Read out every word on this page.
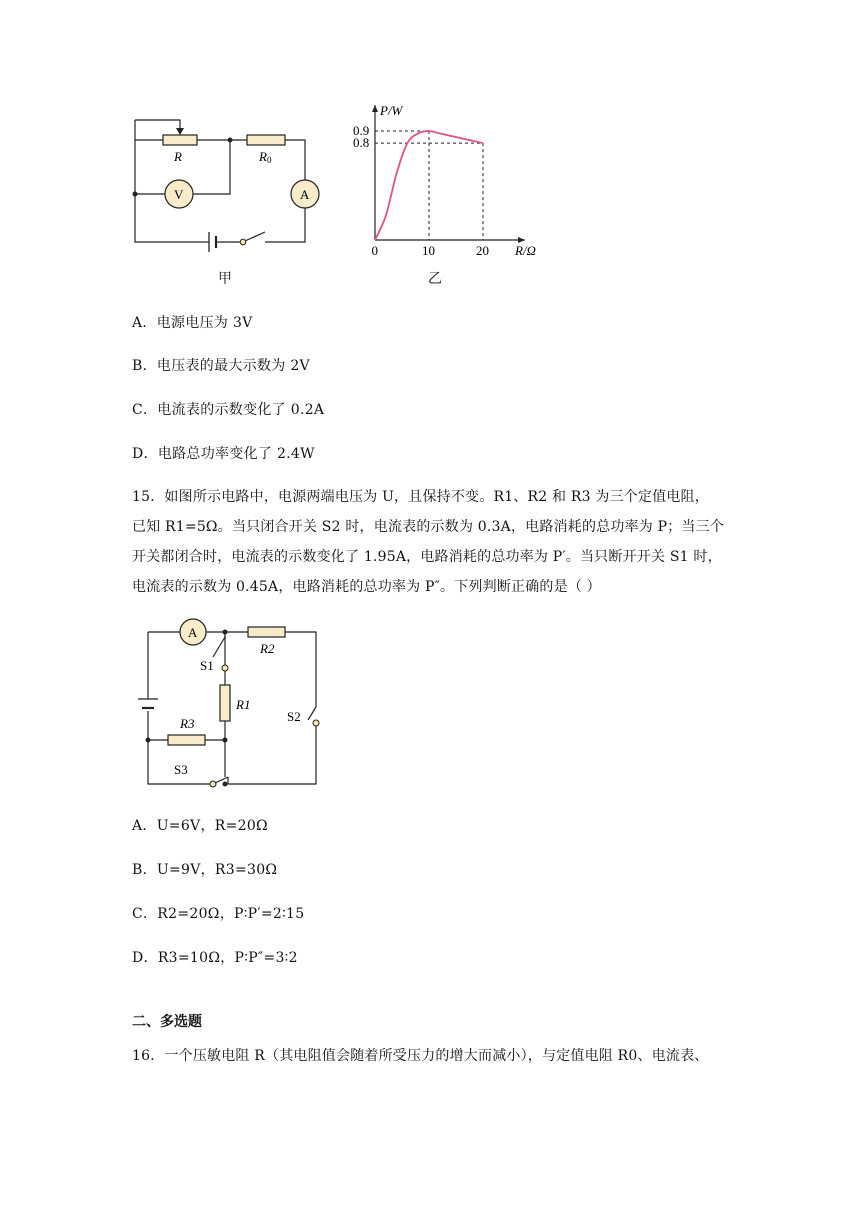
R	R0
V	A
甲
P/W
R/Ω
0	10	20
0.9
0.8
乙
A．电源电压为 3V
B．电压表的最大示数为 2V
C．电流表的示数变化了 0.2A
D．电路总功率变化了 2.4W
15．如图所示电路中，电源两端电压为 U，且保持不变。R1、R2 和 R3 为三个定值电阻，
已知 R1=5Ω。当只闭合开关 S2 时，电流表的示数为 0.3A，电路消耗的总功率为 P；当三个
开关都闭合时，电流表的示数变化了 1.95A，电路消耗的总功率为 P′。当只断开开关 S1 时，
电流表的示数为 0.45A，电路消耗的总功率为 P″。下列判断正确的是（ ）
A
R2
R1
R3
S1
S2
S3
A．U=6V，R=20Ω
B．U=9V，R3=30Ω
C．R2=20Ω，P∶P′=2∶15
D．R3=10Ω，P∶P″=3∶2
二、多选题
16．一个压敏电阻 R（其电阻值会随着所受压力的增大而减小），与定值电阻 R0、电流表、
